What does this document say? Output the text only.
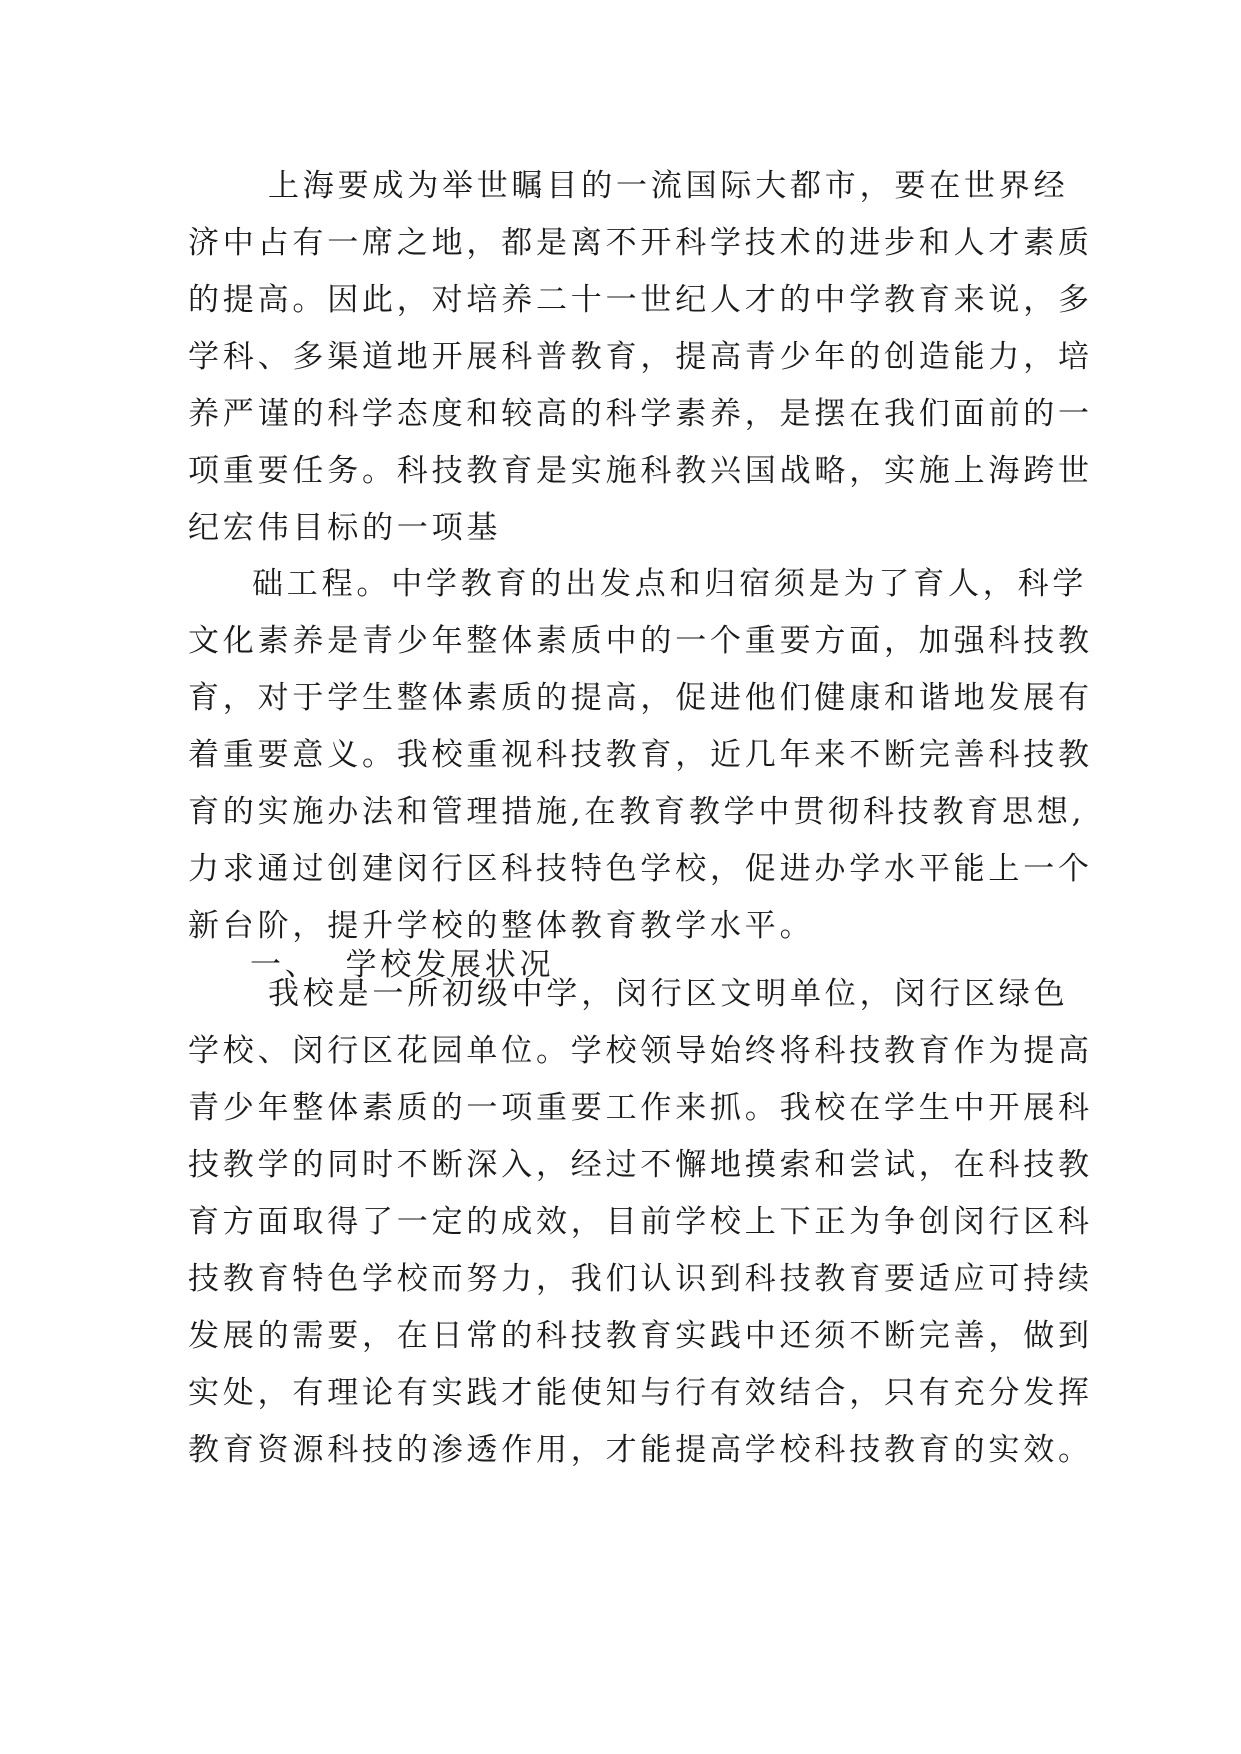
上海要成为举世瞩目的一流国际大都市，要在世界经
济中占有一席之地，都是离不开科学技术的进步和人才素质
的提高。因此，对培养二十一世纪人才的中学教育来说，多
学科、多渠道地开展科普教育，提高青少年的创造能力，培
养严谨的科学态度和较高的科学素养，是摆在我们面前的一
项重要任务。科技教育是实施科教兴国战略，实施上海跨世
纪宏伟目标的一项基
础工程。中学教育的出发点和归宿须是为了育人，科学
文化素养是青少年整体素质中的一个重要方面，加强科技教
育，对于学生整体素质的提高，促进他们健康和谐地发展有
着重要意义。我校重视科技教育，近几年来不断完善科技教
育的实施办法和管理措施,在教育教学中贯彻科技教育思想,
力求通过创建闵行区科技特色学校，促进办学水平能上一个
新台阶，提升学校的整体教育教学水平。
一、 学校发展状况
我校是一所初级中学，闵行区文明单位，闵行区绿色
学校、闵行区花园单位。学校领导始终将科技教育作为提高
青少年整体素质的一项重要工作来抓。我校在学生中开展科
技教学的同时不断深入，经过不懈地摸索和尝试，在科技教
育方面取得了一定的成效，目前学校上下正为争创闵行区科
技教育特色学校而努力，我们认识到科技教育要适应可持续
发展的需要，在日常的科技教育实践中还须不断完善，做到
实处，有理论有实践才能使知与行有效结合，只有充分发挥
教育资源科技的渗透作用，才能提高学校科技教育的实效。
